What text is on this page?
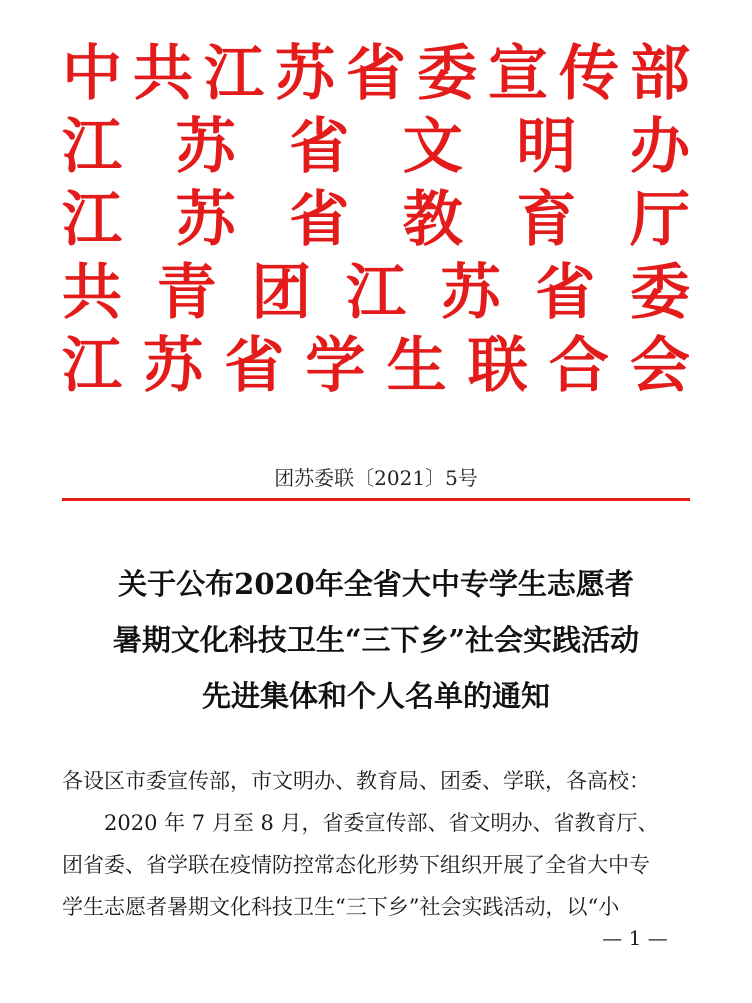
中 共 江 苏 省 委 宣 传 部
江 苏 省 文 明 办
江 苏 省 教 育 厅
共 青 团 江 苏 省 委
江 苏 省 学 生 联 合 会
团苏委联〔2021〕5号
关于公布2020年全省大中专学生志愿者
暑期文化科技卫生“三下乡”社会实践活动
先进集体和个人名单的通知
各设区市委宣传部，市文明办、教育局、团委、学联，各高校：
2020 年 7 月至 8 月，省委宣传部、省文明办、省教育厅、
团省委、省学联在疫情防控常态化形势下组织开展了全省大中专
学生志愿者暑期文化科技卫生“三下乡”社会实践活动，以“小
— 1 —
